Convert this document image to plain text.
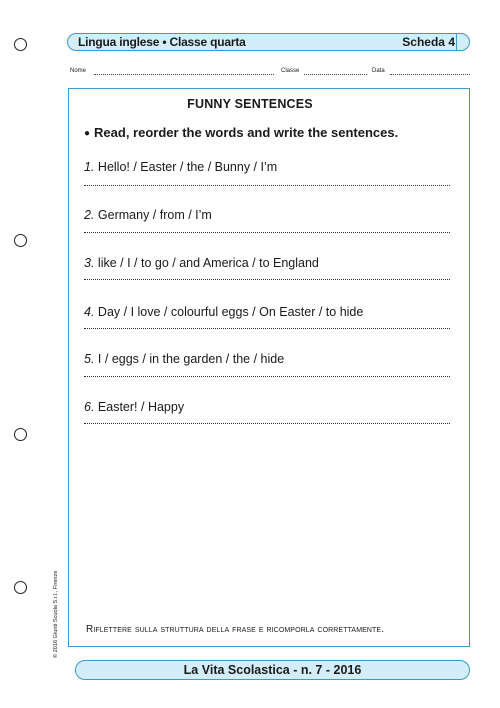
Lingua inglese • Classe quarta	Scheda 4
Nome	Classe	Data
FUNNY SENTENCES
● Read, reorder the words and write the sentences.
1. Hello! / Easter / the / Bunny / I’m
2. Germany / from / I’m
3. like / I / to go / and America / to England
4. Day / I love / colourful eggs / On Easter / to hide
5. I / eggs / in the garden / the / hide
6. Easter! / Happy
Riflettere sulla struttura della frase e ricomporla correttamente.
© 2016 Giunti Scuola S.r.l., Firenze
La Vita Scolastica - n. 7 - 2016
